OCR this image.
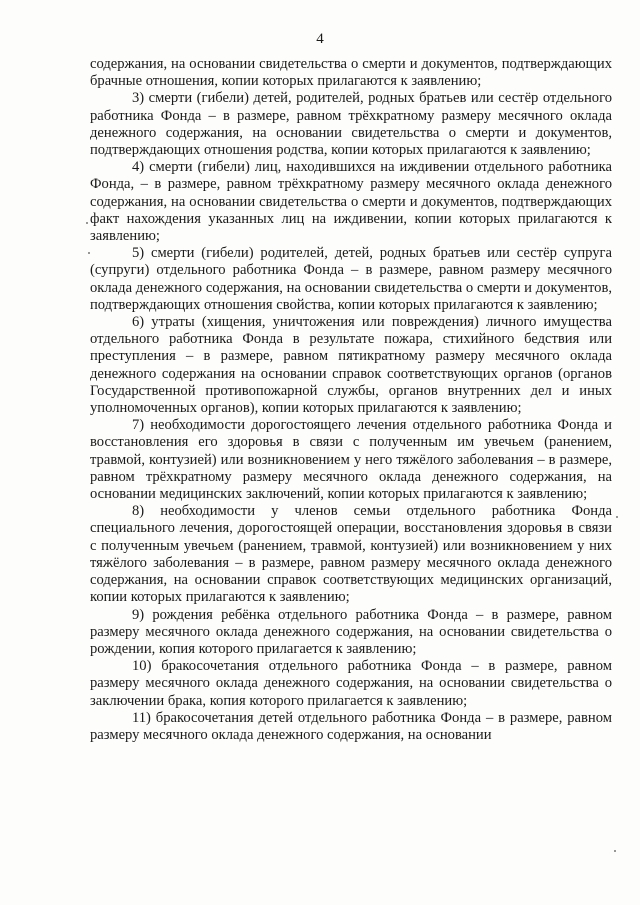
4

содержания, на основании свидетельства о смерти и документов, подтверждающих брачные отношения, копии которых прилагаются к заявлению;

3) смерти (гибели) детей, родителей, родных братьев или сестёр отдельного работника Фонда – в размере, равном трёхкратному размеру месячного оклада денежного содержания, на основании свидетельства о смерти и документов, подтверждающих отношения родства, копии которых прилагаются к заявлению;

4) смерти (гибели) лиц, находившихся на иждивении отдельного работника Фонда, – в размере, равном трёхкратному размеру месячного оклада денежного содержания, на основании свидетельства о смерти и документов, подтверждающих факт нахождения указанных лиц на иждивении, копии которых прилагаются к заявлению;

5) смерти (гибели) родителей, детей, родных братьев или сестёр супруга (супруги) отдельного работника Фонда – в размере, равном размеру месячного оклада денежного содержания, на основании свидетельства о смерти и документов, подтверждающих отношения свойства, копии которых прилагаются к заявлению;

6) утраты (хищения, уничтожения или повреждения) личного имущества отдельного работника Фонда в результате пожара, стихийного бедствия или преступления – в размере, равном пятикратному размеру месячного оклада денежного содержания на основании справок соответствующих органов (органов Государственной противопожарной службы, органов внутренних дел и иных уполномоченных органов), копии которых прилагаются к заявлению;

7) необходимости дорогостоящего лечения отдельного работника Фонда и восстановления его здоровья в связи с полученным им увечьем (ранением, травмой, контузией) или возникновением у него тяжёлого заболевания – в размере, равном трёхкратному размеру месячного оклада денежного содержания, на основании медицинских заключений, копии которых прилагаются к заявлению;

8) необходимости у членов семьи отдельного работника Фонда специального лечения, дорогостоящей операции, восстановления здоровья в связи с полученным увечьем (ранением, травмой, контузией) или возникновением у них тяжёлого заболевания – в размере, равном размеру месячного оклада денежного содержания, на основании справок соответствующих медицинских организаций, копии которых прилагаются к заявлению;

9) рождения ребёнка отдельного работника Фонда – в размере, равном размеру месячного оклада денежного содержания, на основании свидетельства о рождении, копия которого прилагается к заявлению;

10) бракосочетания отдельного работника Фонда – в размере, равном размеру месячного оклада денежного содержания, на основании свидетельства о заключении брака, копия которого прилагается к заявлению;

11) бракосочетания детей отдельного работника Фонда – в размере, равном размеру месячного оклада денежного содержания, на основании
